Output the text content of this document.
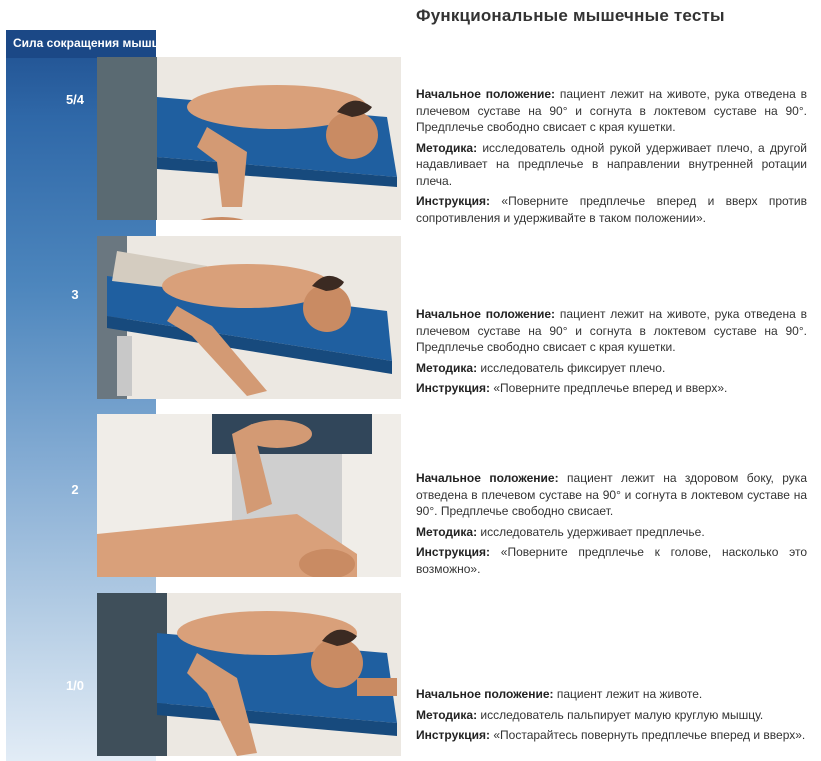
Функциональные мышечные тесты
Сила сокращения мышц
5/4
3
2
1/0

Начальное положение: пациент лежит на животе, рука отведена в плечевом суставе на 90° и согнута в локтевом суставе на 90°. Предплечье свободно свисает с края кушетки.

Методика: исследователь одной рукой удерживает плечо, а другой надавливает на предплечье в направлении внутренней ротации плеча.

Инструкция: «Поверните предплечье вперед и вверх против сопротивления и удерживайте в таком положении».

Начальное положение: пациент лежит на животе, рука отведена в плечевом суставе на 90° и согнута в локтевом суставе на 90°. Предплечье свободно свисает с края кушетки.

Методика: исследователь фиксирует плечо.

Инструкция: «Поверните предплечье вперед и вверх».

Начальное положение: пациент лежит на здоровом боку, рука отведена в плечевом суставе на 90° и согнута в локтевом суставе на 90°. Предплечье свободно свисает.

Методика: исследователь удерживает предплечье.

Инструкция: «Поверните предплечье к голове, насколько это возможно».

Начальное положение: пациент лежит на животе.

Методика: исследователь пальпирует малую круглую мышцу.

Инструкция: «Постарайтесь повернуть предплечье вперед и вверх».
